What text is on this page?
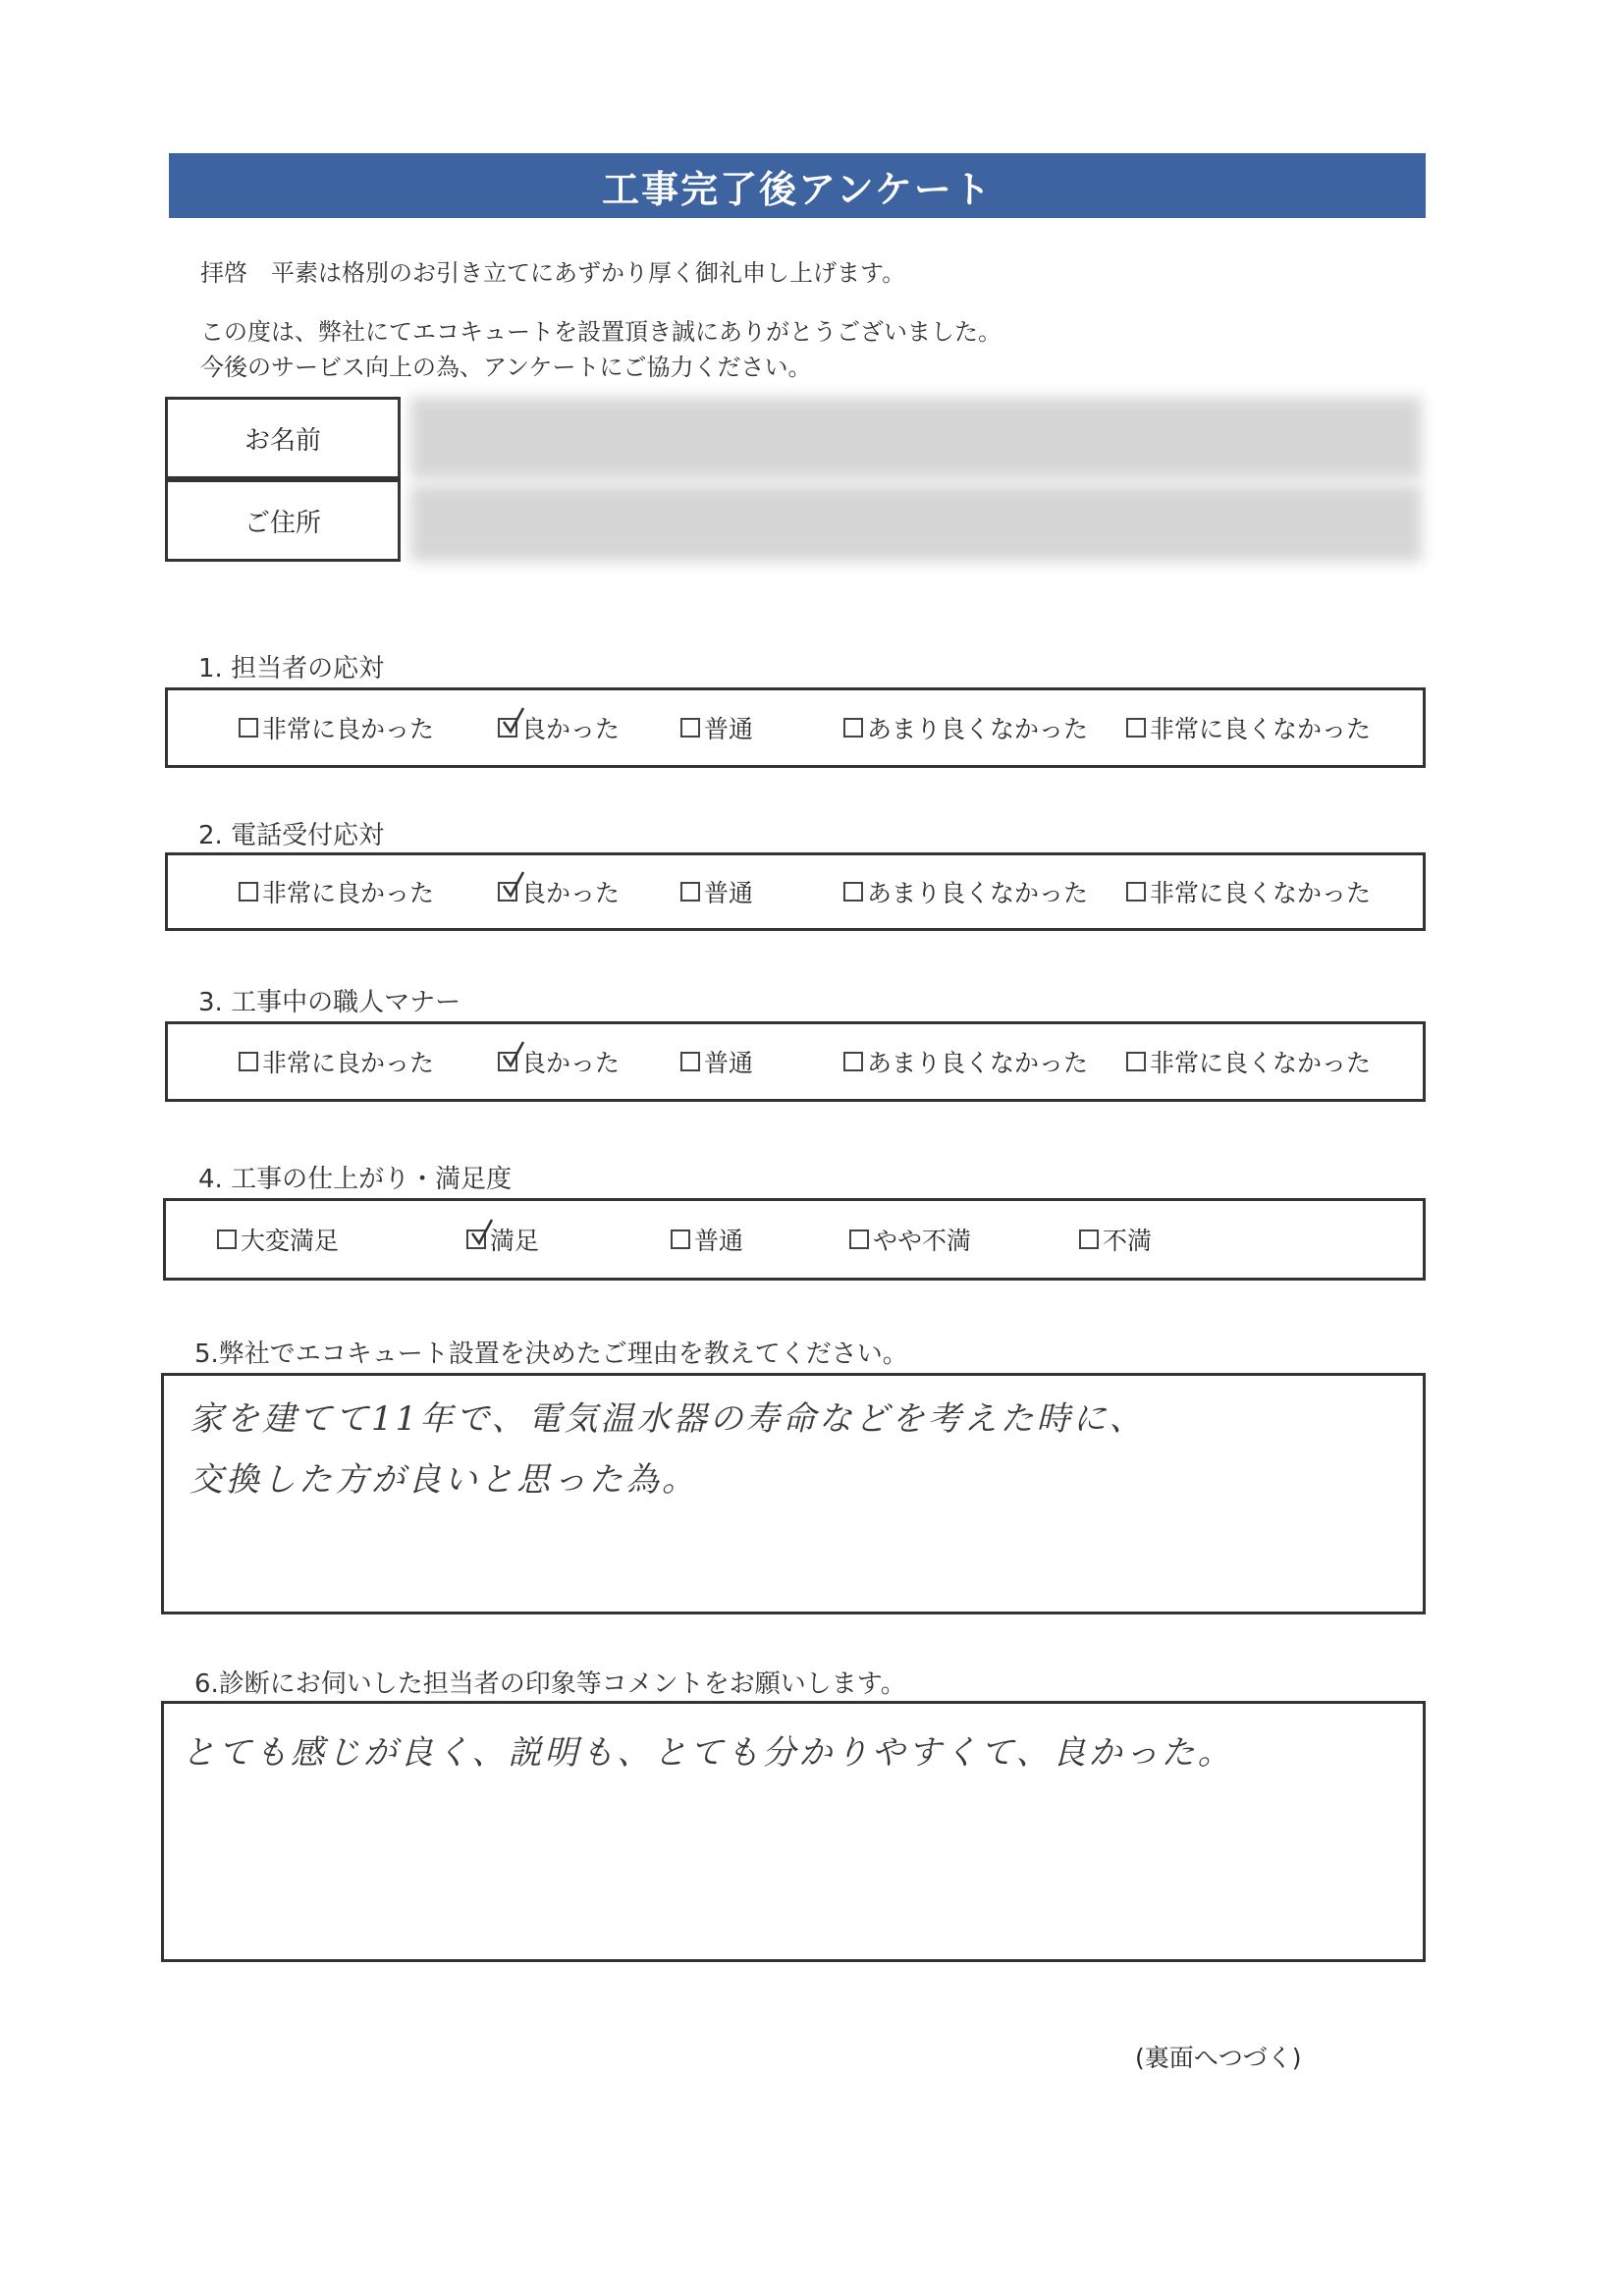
工事完了後アンケート
拝啓　平素は格別のお引き立てにあずかり厚く御礼申し上げます。
この度は、弊社にてエコキュートを設置頂き誠にありがとうございました。
今後のサービス向上の為、アンケートにご協力ください。
お名前
ご住所
1. 担当者の応対
非常に良かった	良かった	普通	あまり良くなかった	非常に良くなかった
2. 電話受付応対
非常に良かった	良かった	普通	あまり良くなかった	非常に良くなかった
3. 工事中の職人マナー
非常に良かった	良かった	普通	あまり良くなかった	非常に良くなかった
4. 工事の仕上がり・満足度
大変満足	満足	普通	やや不満	不満
5.弊社でエコキュート設置を決めたご理由を教えてください。
家を建てて11年で、電気温水器の寿命などを考えた時に、
交換した方が良いと思った為。
6.診断にお伺いした担当者の印象等コメントをお願いします。
とても感じが良く、説明も、とても分かりやすくて、良かった。
(裏面へつづく)
